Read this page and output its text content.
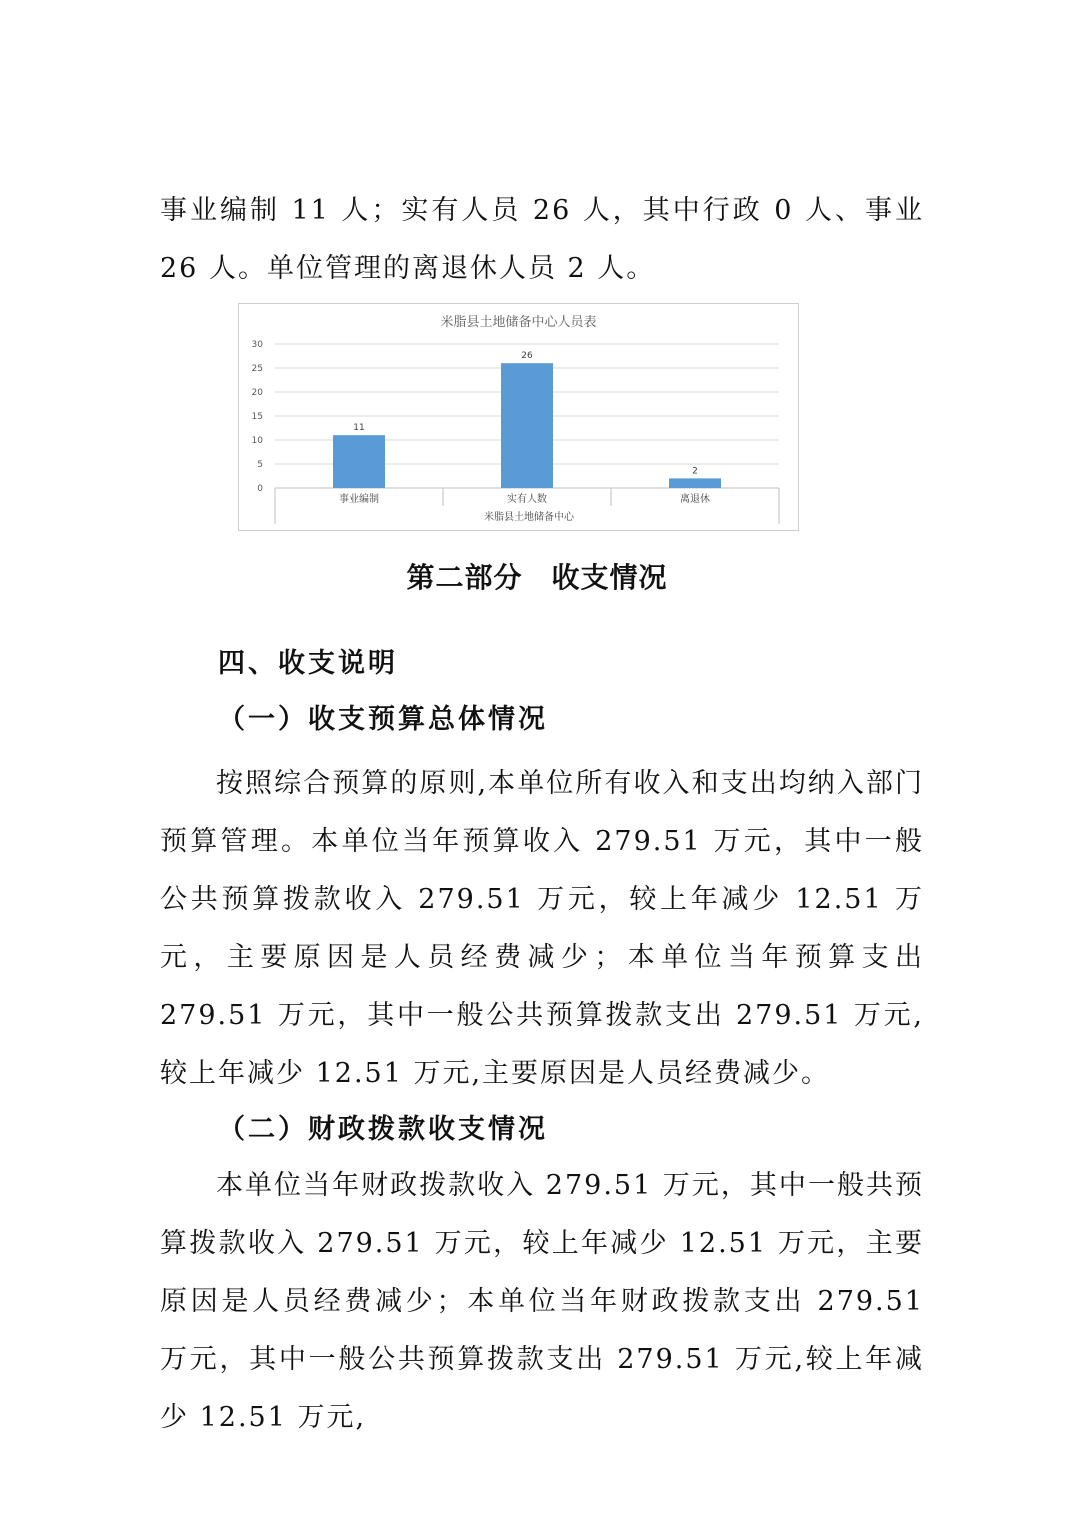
事业编制 11 人；实有人员 26 人，其中行政 0 人、事业 26 人。单位管理的离退休人员 2 人。

米脂县土地储备中心人员表
0
5
10
15
20
25
30
11
事业编制
26
实有人数
2
离退休
米脂县土地储备中心
第二部分　收支情况
四、收支说明
（一）收支预算总体情况

按照综合预算的原则,本单位所有收入和支出均纳入部门预算管理。本单位当年预算收入 279.51 万元，其中一般公共预算拨款收入 279.51 万元，较上年减少 12.51 万元，主要原因是人员经费减少；本单位当年预算支出 279.51 万元，其中一般公共预算拨款支出 279.51 万元,较上年减少 12.51 万元,主要原因是人员经费减少。

（二）财政拨款收支情况

本单位当年财政拨款收入 279.51 万元，其中一般共预算拨款收入 279.51 万元，较上年减少 12.51 万元，主要原因是人员经费减少；本单位当年财政拨款支出 279.51 万元，其中一般公共预算拨款支出 279.51 万元,较上年减少 12.51 万元,
